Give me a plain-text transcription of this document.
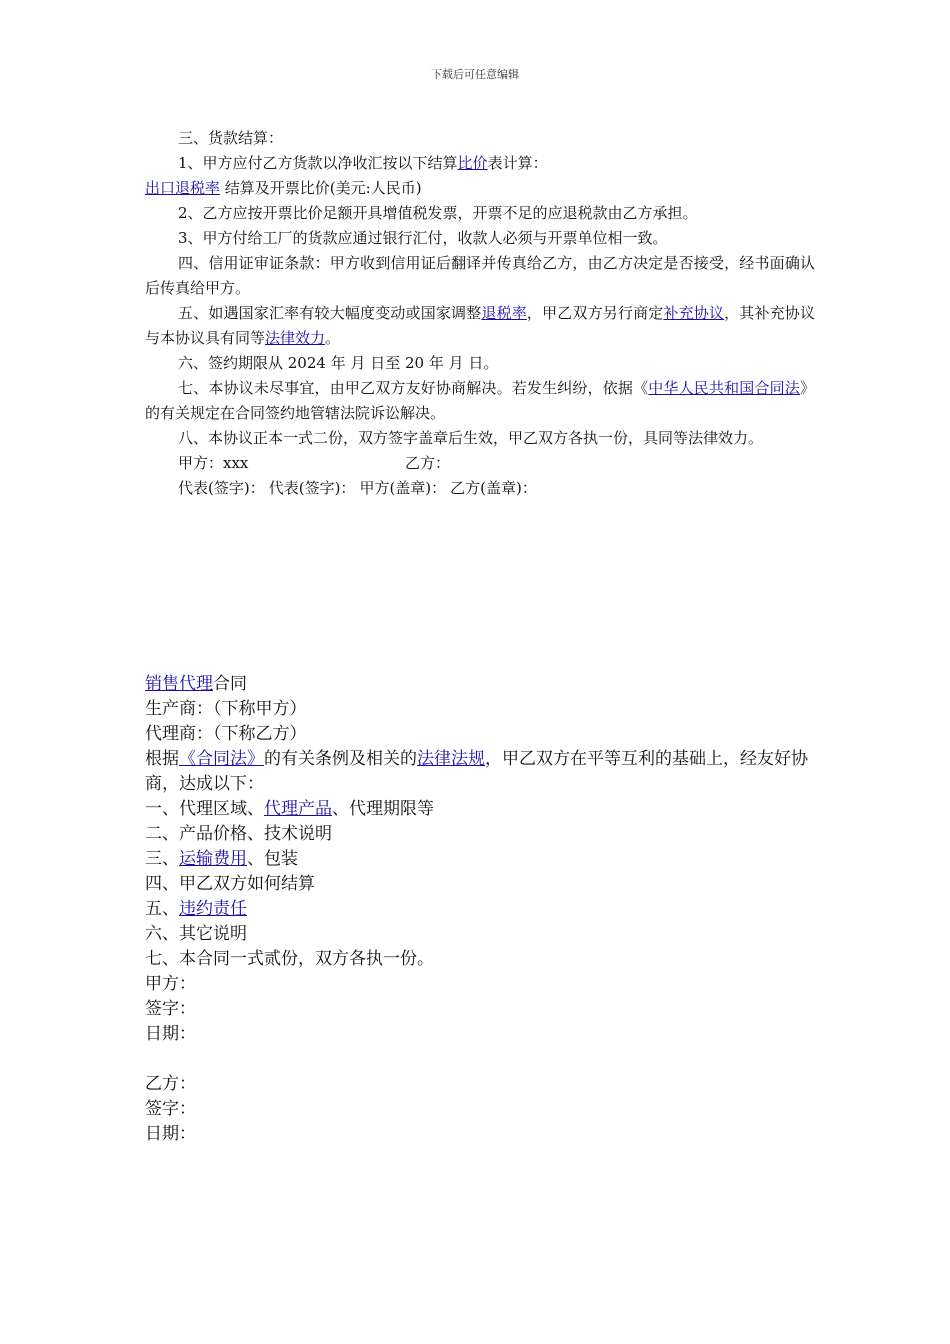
下载后可任意编辑

三、货款结算：

1、甲方应付乙方货款以净收汇按以下结算比价表计算：

出口退税率 结算及开票比价(美元:人民币)

2、乙方应按开票比价足额开具增值税发票，开票不足的应退税款由乙方承担。

3、甲方付给工厂的货款应通过银行汇付，收款人必须与开票单位相一致。

四、信用证审证条款：甲方收到信用证后翻译并传真给乙方，由乙方决定是否接受，经书面确认后传真给甲方。

五、如遇国家汇率有较大幅度变动或国家调整退税率，甲乙双方另行商定补充协议，其补充协议与本协议具有同等法律效力。

六、签约期限从 2024 年 月 日至 20 年 月 日。

七、本协议未尽事宜，由甲乙双方友好协商解决。若发生纠纷，依据《中华人民共和国合同法》的有关规定在合同签约地管辖法院诉讼解决。

八、本协议正本一式二份，双方签字盖章后生效，甲乙双方各执一份，具同等法律效力。

甲方：xxx	乙方：
代表(签字)： 代表(签字)： 甲方(盖章)： 乙方(盖章)：

销售代理合同

生产商：（下称甲方）

代理商：（下称乙方）

根据《合同法》的有关条例及相关的法律法规，甲乙双方在平等互利的基础上，经友好协商，达成以下：

一、代理区域、代理产品、代理期限等

二、产品价格、技术说明

三、运输费用、包装

四、甲乙双方如何结算

五、违约责任

六、其它说明

七、本合同一式贰份，双方各执一份。

甲方：

签字：

日期：

乙方：

签字：

日期：
